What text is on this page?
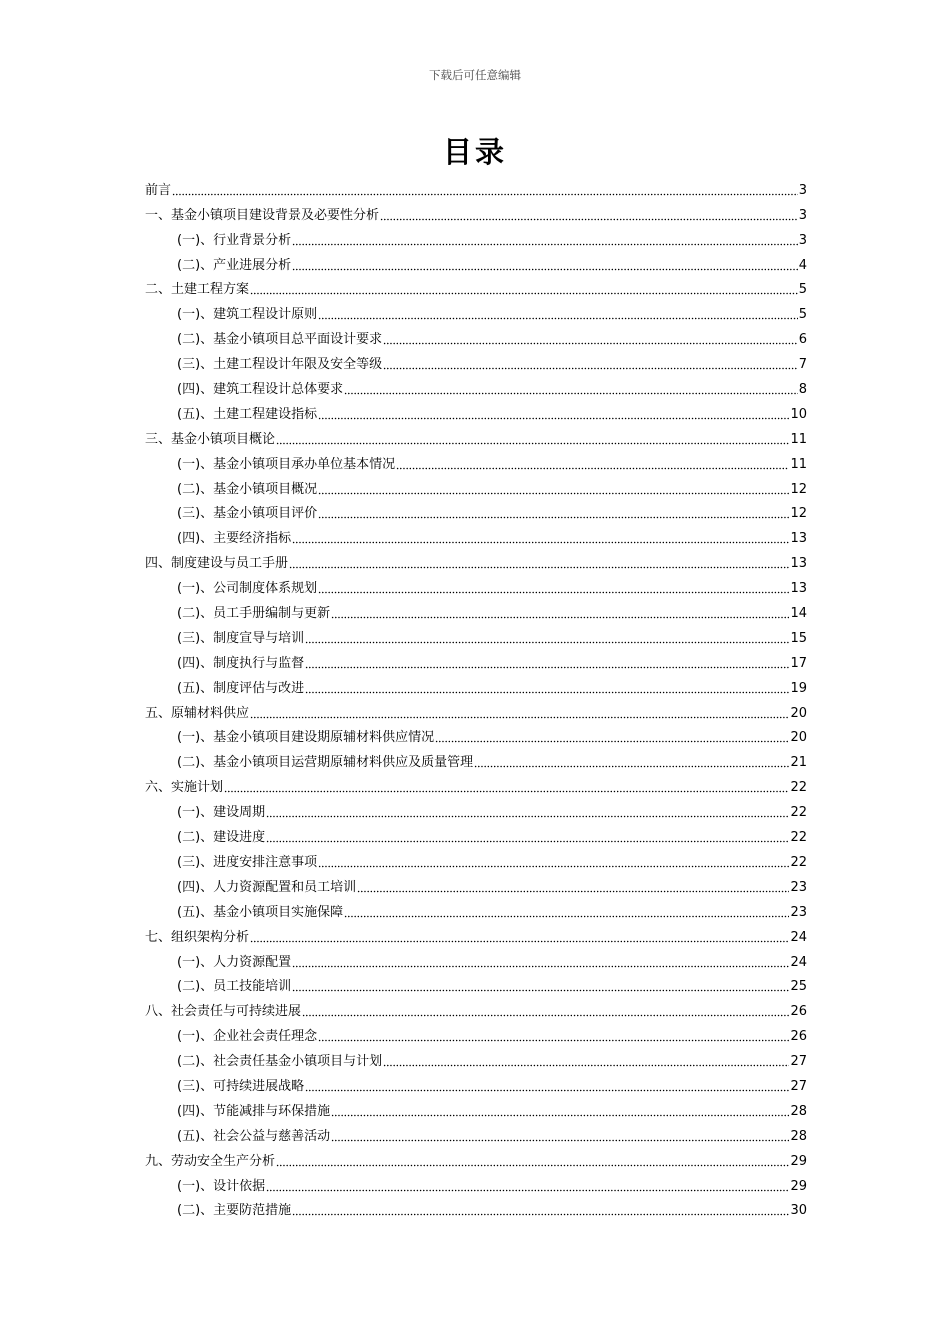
下载后可任意编辑
目录
前言	3
一、基金小镇项目建设背景及必要性分析	3
(一)、行业背景分析	3
(二)、产业进展分析	4
二、土建工程方案	5
(一)、建筑工程设计原则	5
(二)、基金小镇项目总平面设计要求	6
(三)、土建工程设计年限及安全等级	7
(四)、建筑工程设计总体要求	8
(五)、土建工程建设指标	10
三、基金小镇项目概论	11
(一)、基金小镇项目承办单位基本情况	11
(二)、基金小镇项目概况	12
(三)、基金小镇项目评价	12
(四)、主要经济指标	13
四、制度建设与员工手册	13
(一)、公司制度体系规划	13
(二)、员工手册编制与更新	14
(三)、制度宣导与培训	15
(四)、制度执行与监督	17
(五)、制度评估与改进	19
五、原辅材料供应	20
(一)、基金小镇项目建设期原辅材料供应情况	20
(二)、基金小镇项目运营期原辅材料供应及质量管理	21
六、实施计划	22
(一)、建设周期	22
(二)、建设进度	22
(三)、进度安排注意事项	22
(四)、人力资源配置和员工培训	23
(五)、基金小镇项目实施保障	23
七、组织架构分析	24
(一)、人力资源配置	24
(二)、员工技能培训	25
八、社会责任与可持续进展	26
(一)、企业社会责任理念	26
(二)、社会责任基金小镇项目与计划	27
(三)、可持续进展战略	27
(四)、节能减排与环保措施	28
(五)、社会公益与慈善活动	28
九、劳动安全生产分析	29
(一)、设计依据	29
(二)、主要防范措施	30
